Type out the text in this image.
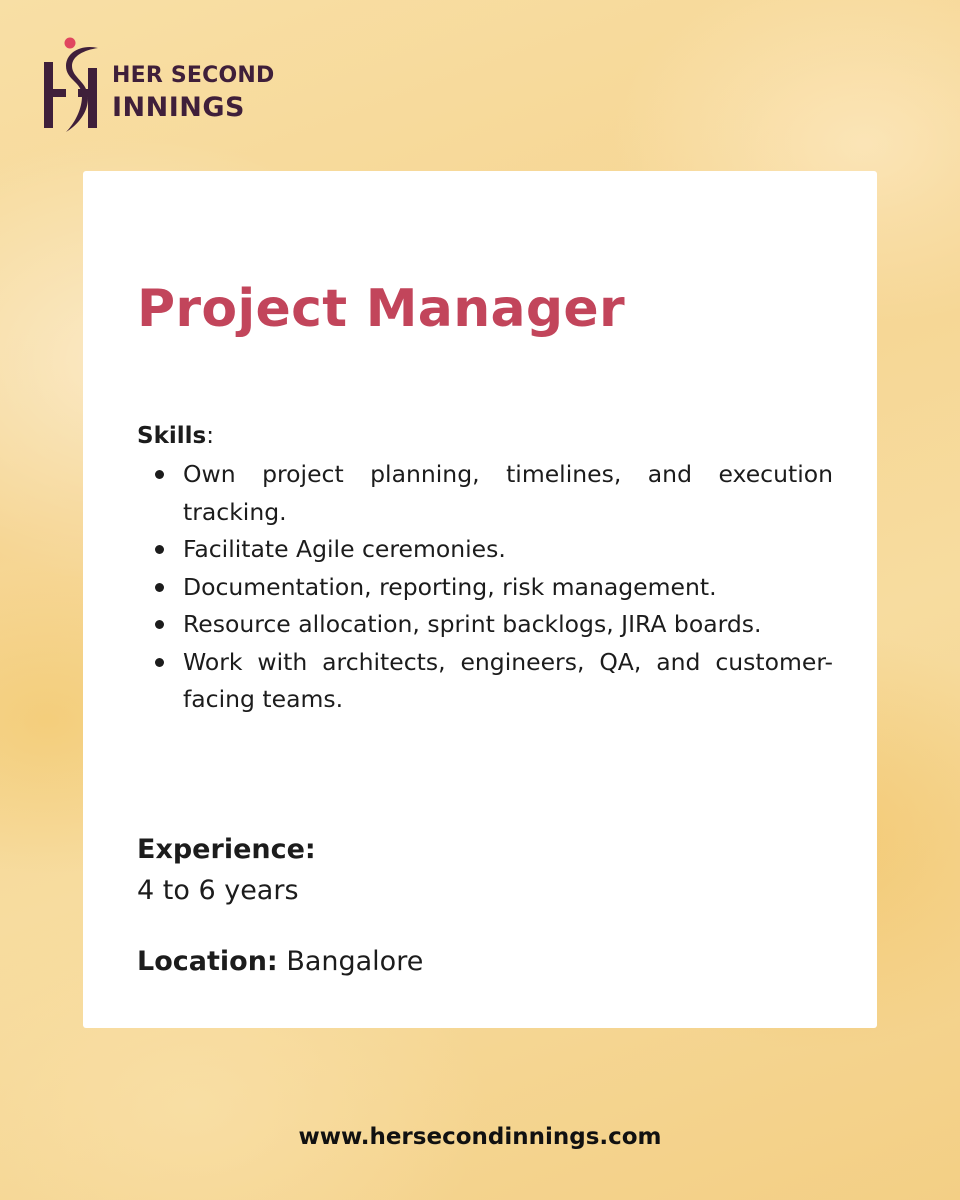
HER SECOND
INNINGS
Project Manager
Skills:
Own project planning, timelines, and execution tracking.
Facilitate Agile ceremonies.
Documentation, reporting, risk management.
Resource allocation, sprint backlogs, JIRA boards.
Work with architects, engineers, QA, and customer-facing teams.
Experience:
4 to 6 years
Location: Bangalore
www.hersecondinnings.com
